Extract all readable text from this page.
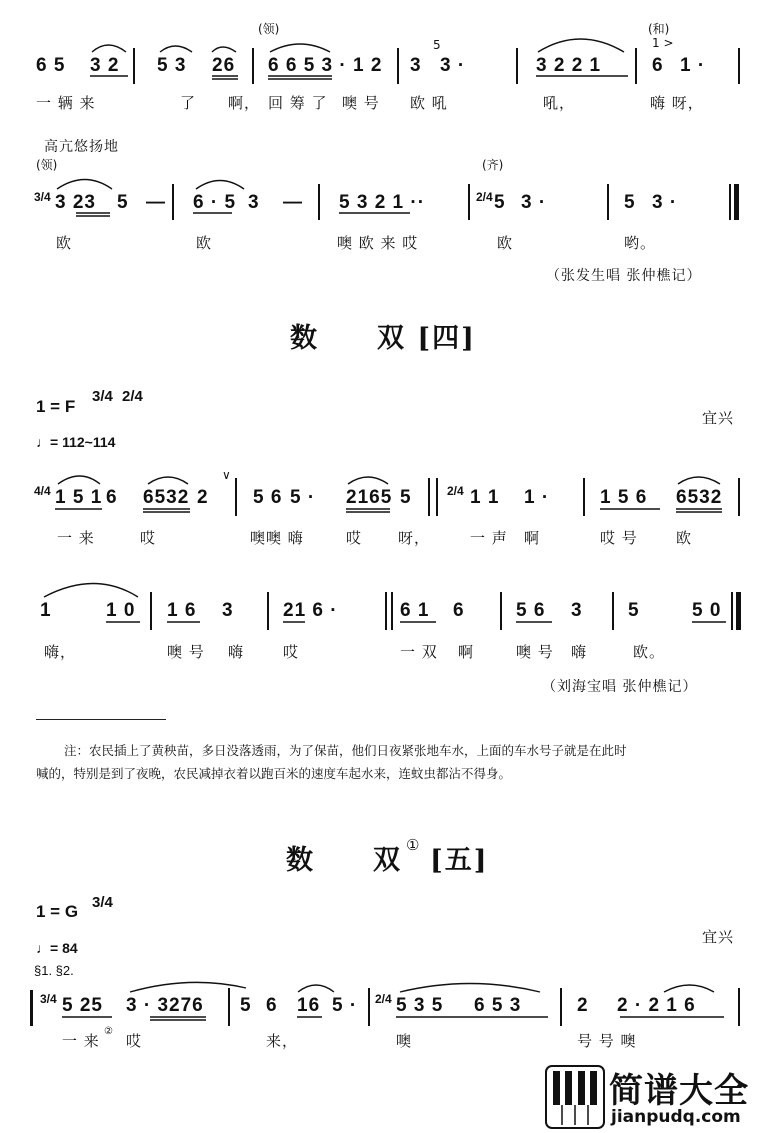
(领)	(和)
6 5 3 2 5 3 26 6 6 5 3 · 1 2 3
5
3 ·	3 2 2 1
1 >
6 1 ·
一 辆 来	了 啊， 回 筹 了 噢 号 欧 吼	吼，	嗨 呀，
高亢悠扬地
(领)	(齐)
3/4 3 23 5 — 6 · 5 3 — 5 3 2 1 ··	2/4 5 3 ·	5 3 ·
欧	欧	噢 欧 来 哎	欧	哟。
（张发生唱 张仲樵记）
数　　双 [四]
1 = F
3/4 2/4
♩= 112~114
宜兴
4/4 1 5 1 6 6532 2
∨
5 6 5 · 2165 5	2/4 1 1 1 ·	1 5 6 6532
一 来	哎	噢噢 嗨	哎 呀，	一 声 啊	哎 号	欧
1	1 0 1 6 3	21 6 ·	6 1 6	5 6 3 5	5 0
嗨，	噢 号 嗨	哎	一 双 啊	噢 号 嗨	欧。
（刘海宝唱 张仲樵记）
注：农民插上了黄秧苗，多日没落透雨，为了保苗，他们日夜紧张地车水，上面的车水号子就是在此时
喊的，特别是到了夜晚，农民减掉衣着以跑百米的速度车起水来，连蚊虫都沾不得身。
数　　双 ① [五]
1 = G 3/4
♩= 84
宜兴
§1. §2.
3/4 5 25 3 · 3276 5 6 16 5 · 2/4 5 3 5 6 5 3	2 2 · 2 1 6
一 来
②
哎	来，	噢	号 号 噢
简谱大全
jianpudq.com
